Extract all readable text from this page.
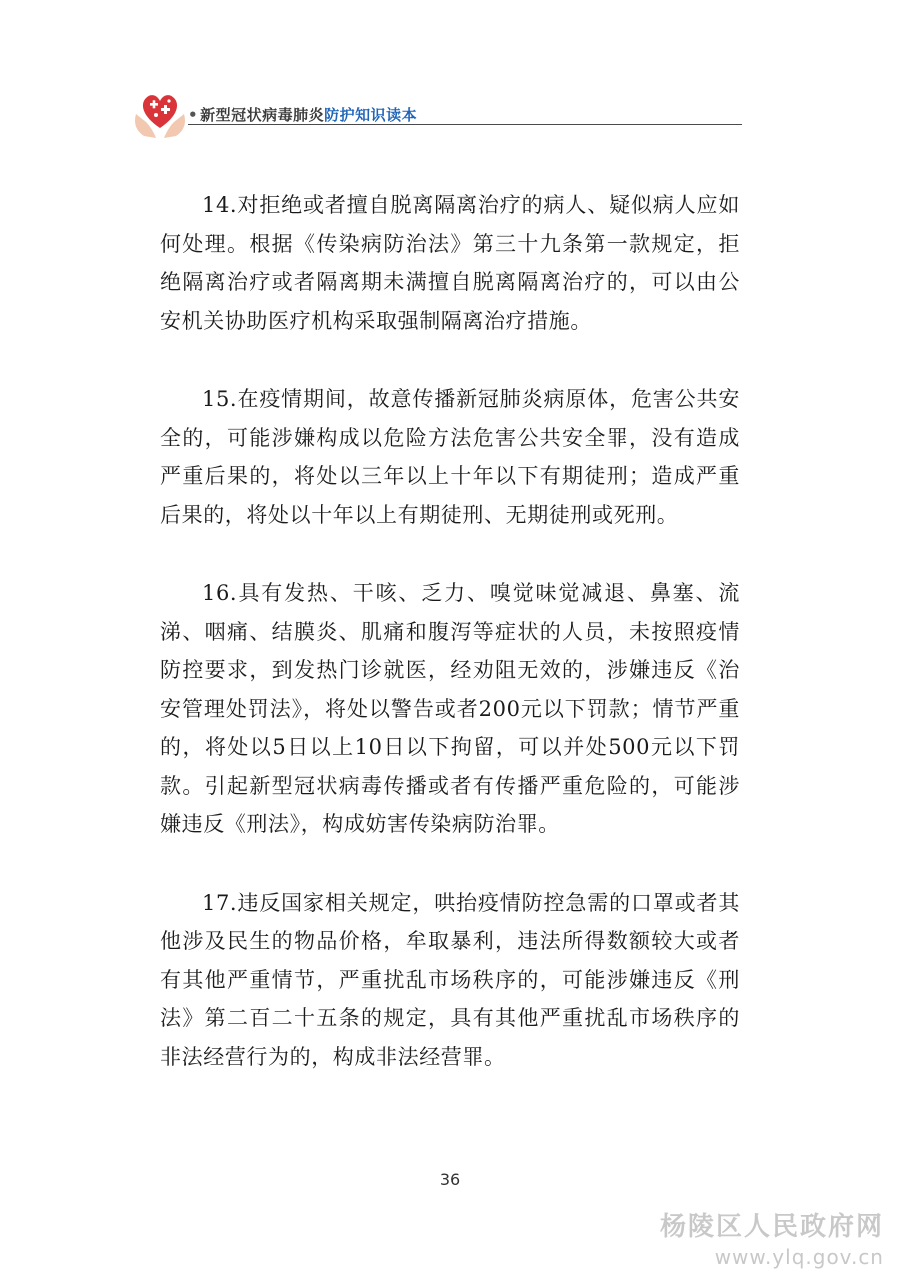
• 新型冠状病毒肺炎防护知识读本

14.对拒绝或者擅自脱离隔离治疗的病人、疑似病人应如何处理。根据《传染病防治法》第三十九条第一款规定，拒绝隔离治疗或者隔离期未满擅自脱离隔离治疗的，可以由公安机关协助医疗机构采取强制隔离治疗措施。

15.在疫情期间，故意传播新冠肺炎病原体，危害公共安全的，可能涉嫌构成以危险方法危害公共安全罪，没有造成严重后果的，将处以三年以上十年以下有期徒刑；造成严重后果的，将处以十年以上有期徒刑、无期徒刑或死刑。

16.具有发热、干咳、乏力、嗅觉味觉减退、鼻塞、流涕、咽痛、结膜炎、肌痛和腹泻等症状的人员，未按照疫情防控要求，到发热门诊就医，经劝阻无效的，涉嫌违反《治安管理处罚法》，将处以警告或者200元以下罚款；情节严重的，将处以5日以上10日以下拘留，可以并处500元以下罚款。引起新型冠状病毒传播或者有传播严重危险的，可能涉嫌违反《刑法》，构成妨害传染病防治罪。

17.违反国家相关规定，哄抬疫情防控急需的口罩或者其他涉及民生的物品价格，牟取暴利，违法所得数额较大或者有其他严重情节，严重扰乱市场秩序的，可能涉嫌违反《刑法》第二百二十五条的规定，具有其他严重扰乱市场秩序的非法经营行为的，构成非法经营罪。

36
杨陵区人民政府网
www.ylq.gov.cn
